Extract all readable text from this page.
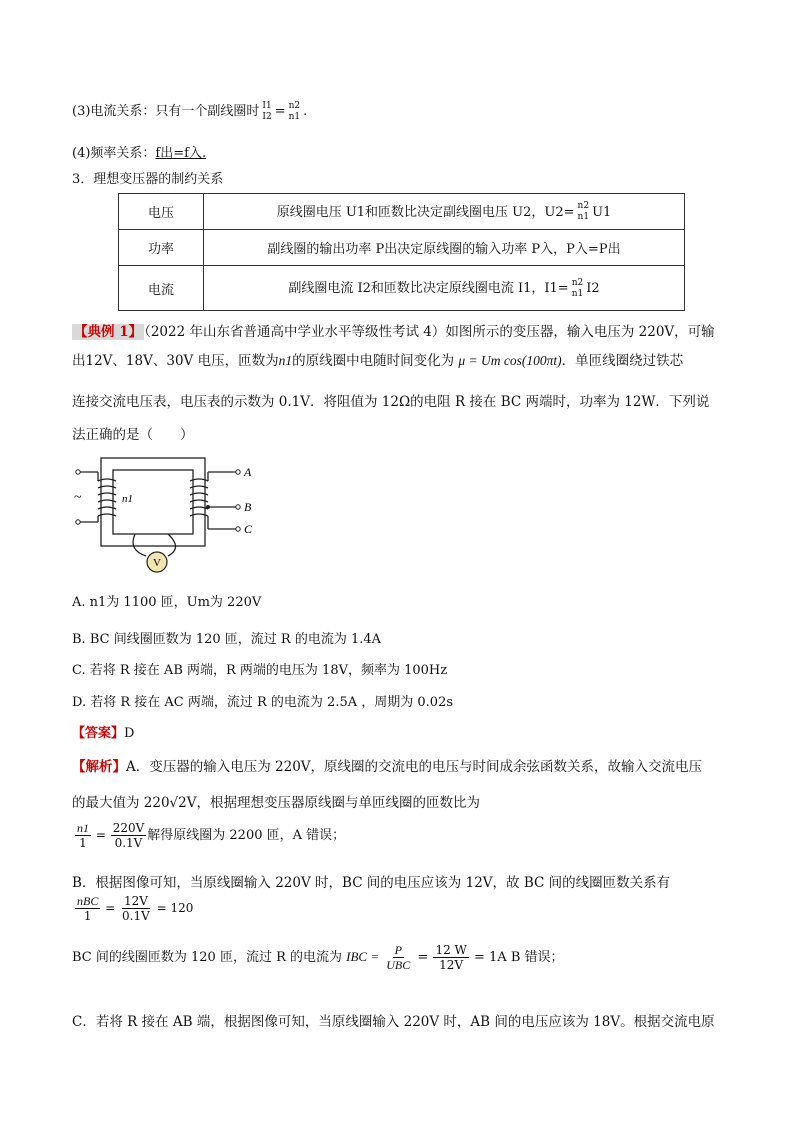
(3)电流关系：只有一个副线圈时 I1
I2 = n2
n1 .
(4)频率关系：f出=f入.
3．理想变压器的制约关系
电压	原线圈电压 U1和匝数比决定副线圈电压 U2，U2= n2
n1 U1
功率	副线圈的输出功率 P出决定原线圈的输入功率 P入，P入=P出
电流	副线圈电流 I2和匝数比决定原线圈电流 I1，I1= n2
n1 I2
【典例 1】 （2022 年山东省普通高中学业水平等级性考试 4）如图所示的变压器，输入电压为 220V，可输
出12V、18V、30V 电压，匝数为n1的原线圈中电随时间变化为 μ = Um cos(100πt)．单匝线圈绕过铁芯
连接交流电压表，电压表的示数为 0.1V．将阻值为 12Ω的电阻 R 接在 BC 两端时，功率为 12W．下列说
法正确的是（　　）
V
~	n1
A
B
C
A. n1为 1100 匝，Um为 220V
B. BC 间线圈匝数为 120 匝，流过 R 的电流为 1.4A
C. 若将 R 接在 AB 两端，R 两端的电压为 18V，频率为 100Hz
D. 若将 R 接在 AC 两端，流过 R 的电流为 2.5A ，周期为 0.02s
【答案】D
【解析】A．变压器的输入电压为 220V，原线圈的交流电的电压与时间成余弦函数关系，故输入交流电压
的最大值为 220√2V，根据理想变压器原线圈与单匝线圈的匝数比为
$\frac{n1}{1} = \frac{220V}{0.1V}$ 解得原线圈为 2200 匝，A 错误；
B．根据图像可知，当原线圈输入 220V 时，BC 间的电压应该为 12V，故 BC 间的线圈匝数关系有
$\frac{\text{nBC}}{1} = \frac{12V}{0.1V} = 120$
BC 间的线圈匝数为 120 匝，流过 R 的电流为 IBC = $\frac{P}{\text{UBC}} = \frac{12 W}{12V} = 1A$ B 错误；
C．若将 R 接在 AB 端，根据图像可知，当原线圈输入 220V 时，AB 间的电压应该为 18V。根据交流电原
